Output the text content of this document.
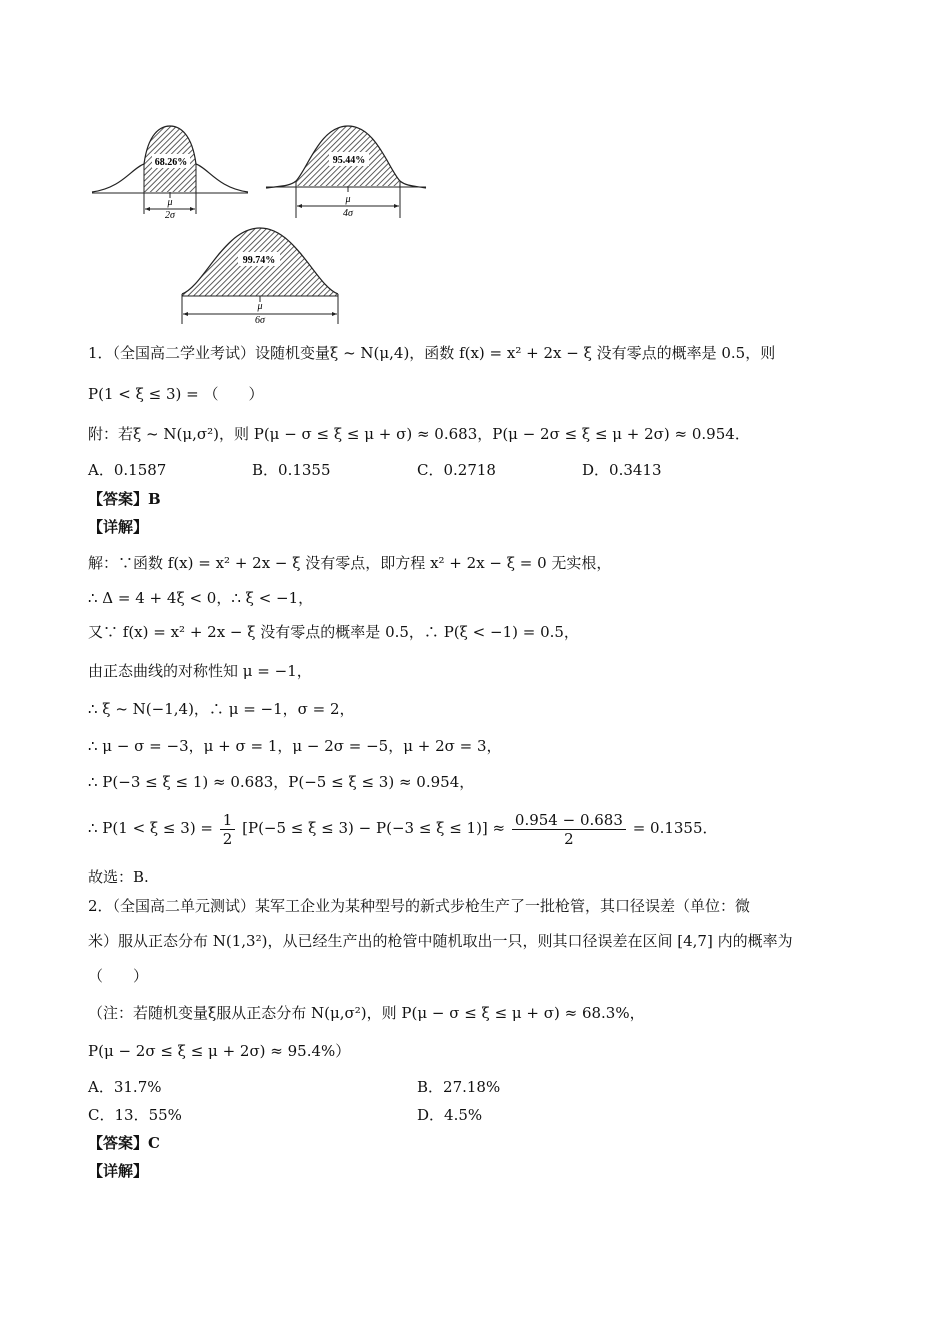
68.26%
μ
2σ
95.44%
μ
4σ
99.74%
μ
6σ
1．（全国高二学业考试）设随机变量ξ ~ N(μ,4)，函数 f(x) = x² + 2x − ξ 没有零点的概率是 0.5，则
P(1 < ξ ≤ 3) = （　　）
附：若ξ ~ N(μ,σ²)，则 P(μ − σ ≤ ξ ≤ μ + σ) ≈ 0.683，P(μ − 2σ ≤ ξ ≤ μ + 2σ) ≈ 0.954．
A．0.1587	B．0.1355	C．0.2718	D．0.3413
【答案】B
【详解】
解：∵函数 f(x) = x² + 2x − ξ 没有零点，即方程 x² + 2x − ξ = 0 无实根，
∴ Δ = 4 + 4ξ < 0，∴ ξ < −1，
又∵ f(x) = x² + 2x − ξ 没有零点的概率是 0.5，∴ P(ξ < −1) = 0.5，
由正态曲线的对称性知 μ = −1，
∴ ξ ~ N(−1,4)，∴ μ = −1，σ = 2，
∴ μ − σ = −3，μ + σ = 1，μ − 2σ = −5，μ + 2σ = 3，
∴ P(−3 ≤ ξ ≤ 1) ≈ 0.683，P(−5 ≤ ξ ≤ 3) ≈ 0.954，
∴ $P(1 < \xi \le 3) = \frac{1}{2} [P(-5 \le \xi \le 3) - P(-3 \le \xi \le 1)] \approx \frac{0.954 - 0.683}{2} = 0.1355$．
故选：B.
2．（全国高二单元测试）某军工企业为某种型号的新式步枪生产了一批枪管，其口径误差（单位：微
米）服从正态分布 N(1,3²)，从已经生产出的枪管中随机取出一只，则其口径误差在区间 [4,7] 内的概率为
（　　）
（注：若随机变量ξ服从正态分布 N(μ,σ²)，则 P(μ − σ ≤ ξ ≤ μ + σ) ≈ 68.3%，
P(μ − 2σ ≤ ξ ≤ μ + 2σ) ≈ 95.4%）
A．31.7%	B．27.18%
C．13．55%	D．4.5%
【答案】C
【详解】
